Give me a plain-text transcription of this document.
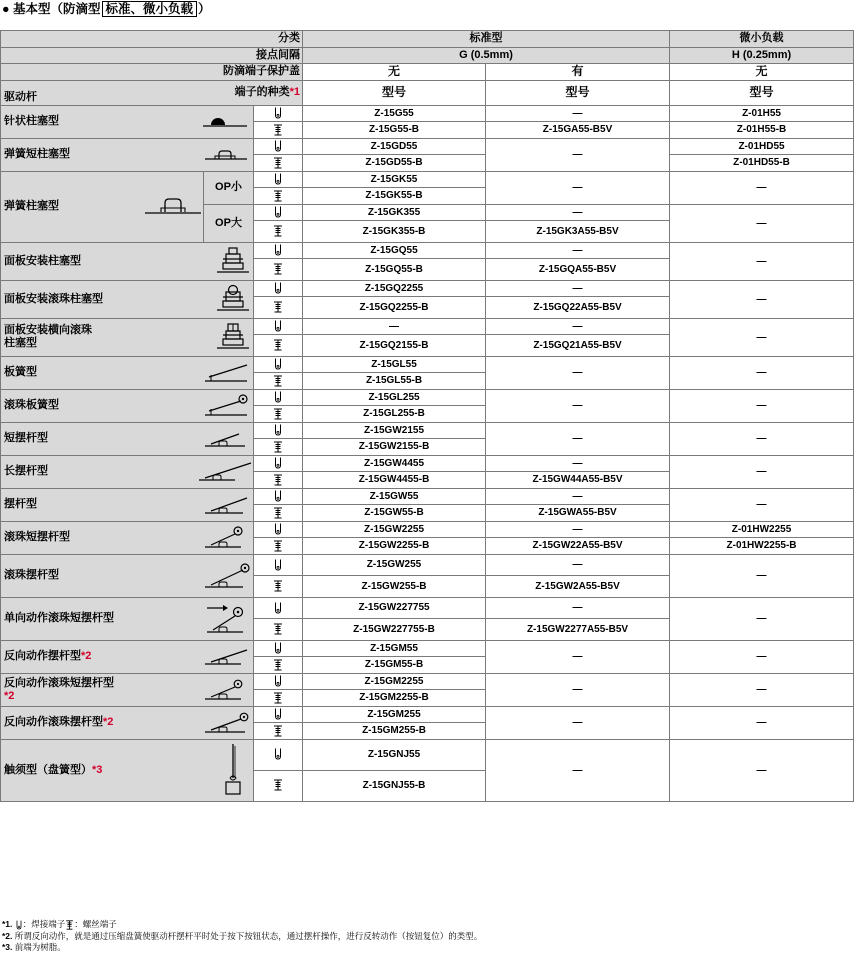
● 基本型（防滴型 标准、微小负载 ）
分类			标准型		微小负载
接点间隔			G (0.5mm)		H (0.25mm)
防滴端子保护盖			无	有	无

驱动杆 端子的种类*1			型号	型号	型号

针状柱塞型			Z-15G55	—	Z-01H55
	Z-15G55-B	Z-15GA55-B5V	Z-01H55-B

弹簧短柱塞型			Z-15GD55	—	Z-01HD55
	Z-15GD55-B		Z-01HD55-B

弹簧柱塞型	OP小		Z-15GK55	—	—
	Z-15GK55-B		
	OP大		Z-15GK355	—	—
	Z-15GK355-B	Z-15GK3A55-B5V	

面板安装柱塞型			Z-15GQ55	—	—
	Z-15GQ55-B	Z-15GQA55-B5V	

面板安装滚珠柱塞型			Z-15GQ2255	—	—
	Z-15GQ2255-B	Z-15GQ22A55-B5V	

面板安装横向滚珠
柱塞型			—	—	—
	Z-15GQ2155-B	Z-15GQ21A55-B5V	

板簧型			Z-15GL55	—	—
	Z-15GL55-B		

滚珠板簧型			Z-15GL255	—	—
	Z-15GL255-B		

短摆杆型			Z-15GW2155	—	—
	Z-15GW2155-B		

长摆杆型			Z-15GW4455	—	—
	Z-15GW4455-B	Z-15GW44A55-B5V	

摆杆型			Z-15GW55	—	—
	Z-15GW55-B	Z-15GWA55-B5V	

滚珠短摆杆型			Z-15GW2255	—	Z-01HW2255
	Z-15GW2255-B	Z-15GW22A55-B5V	Z-01HW2255-B

滚珠摆杆型			Z-15GW255	—	—
	Z-15GW255-B	Z-15GW2A55-B5V	

单向动作滚珠短摆杆型			Z-15GW227755	—	—
	Z-15GW227755-B	Z-15GW2277A55-B5V	

反向动作摆杆型*2			Z-15GM55	—	—
	Z-15GM55-B		

反向动作滚珠短摆杆型
*2			Z-15GM2255	—	—
	Z-15GM2255-B		

反向动作滚珠摆杆型*2			Z-15GM255	—	—
	Z-15GM255-B		

触须型（盘簧型）*3			Z-15GNJ55	—	—
	Z-15GNJ55-B		
*1. ：焊接端子 ：螺丝端子
*2. 所谓反向动作，就是通过压缩盘簧使驱动杆摆杆平时处于按下按钮状态，通过摆杆操作，进行反转动作（按钮复位）的类型。
*3. 前端为树脂。
